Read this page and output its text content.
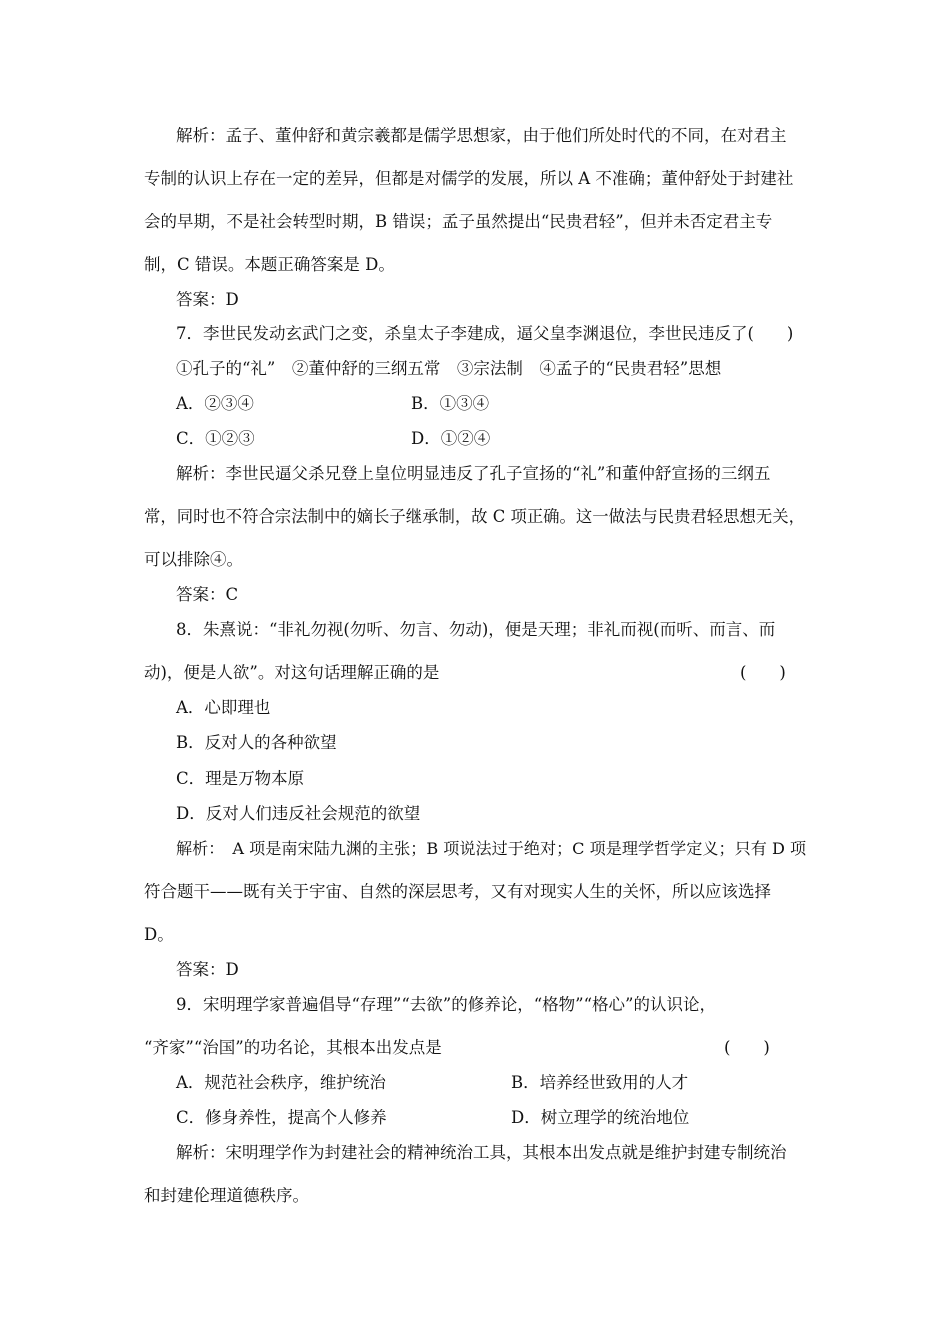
解析：孟子、董仲舒和黄宗羲都是儒学思想家，由于他们所处时代的不同，在对君主
专制的认识上存在一定的差异，但都是对儒学的发展，所以 A 不准确；董仲舒处于封建社
会的早期，不是社会转型时期，B 错误；孟子虽然提出“民贵君轻”，但并未否定君主专
制，C 错误。本题正确答案是 D。
答案：D
7．李世民发动玄武门之变，杀皇太子李建成，逼父皇李渊退位，李世民违反了(　　)
①孔子的“礼”　②董仲舒的三纲五常　③宗法制　④孟子的“民贵君轻”思想
A．②③④	B．①③④
C．①②③	D．①②④
解析：李世民逼父杀兄登上皇位明显违反了孔子宣扬的“礼”和董仲舒宣扬的三纲五
常，同时也不符合宗法制中的嫡长子继承制，故 C 项正确。这一做法与民贵君轻思想无关，
可以排除④。
答案：C
8．朱熹说：“非礼勿视(勿听、勿言、勿动)，便是天理；非礼而视(而听、而言、而
动)，便是人欲”。对这句话理解正确的是	(　　)
A．心即理也
B．反对人的各种欲望
C．理是万物本原
D．反对人们违反社会规范的欲望
解析：　A 项是南宋陆九渊的主张；B 项说法过于绝对；C 项是理学哲学定义；只有 D 项
符合题干——既有关于宇宙、自然的深层思考，又有对现实人生的关怀，所以应该选择
D。
答案：D
9．宋明理学家普遍倡导“存理”“去欲”的修养论，“格物”“格心”的认识论，
“齐家”“治国”的功名论，其根本出发点是	(　　)
A．规范社会秩序，维护统治	B．培养经世致用的人才
C．修身养性，提高个人修养	D．树立理学的统治地位
解析：宋明理学作为封建社会的精神统治工具，其根本出发点就是维护封建专制统治
和封建伦理道德秩序。
